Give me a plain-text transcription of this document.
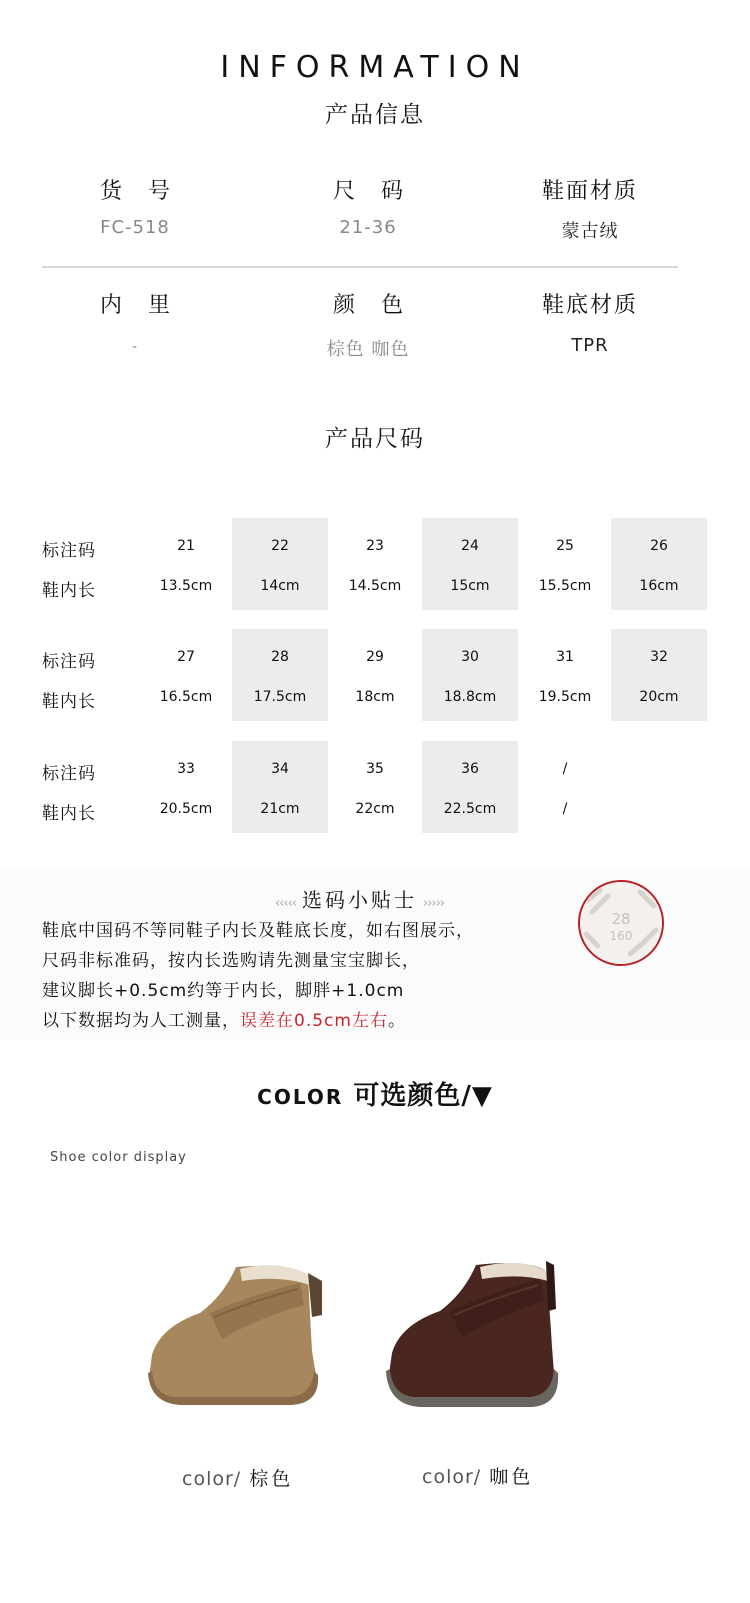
INFORMATION
产品信息
货号
FC-518
尺码
21-36
鞋面材质
蒙古绒
内里
-
颜色
棕色 咖色
鞋底材质
TPR
产品尺码
标注码
鞋内长
21
13.5cm
22
14cm
23
14.5cm
24
15cm
25
15.5cm
26
16cm
标注码
鞋内长
27
16.5cm
28
17.5cm
29
18cm
30
18.8cm
31
19.5cm
32
20cm
标注码
鞋内长
33
20.5cm
34
21cm
35
22cm
36
22.5cm
/
/
‹‹‹‹‹ 选码小贴士 ›››››
鞋底中国码不等同鞋子内长及鞋底长度，如右图展示，
尺码非标准码，按内长选购请先测量宝宝脚长，
建议脚长+0.5cm约等于内长，脚胖+1.0cm
以下数据均为人工测量，误差在0.5cm左右。
28
160
COLOR 可选颜色/▼
Shoe color display
color/ 棕色	color/ 咖色
